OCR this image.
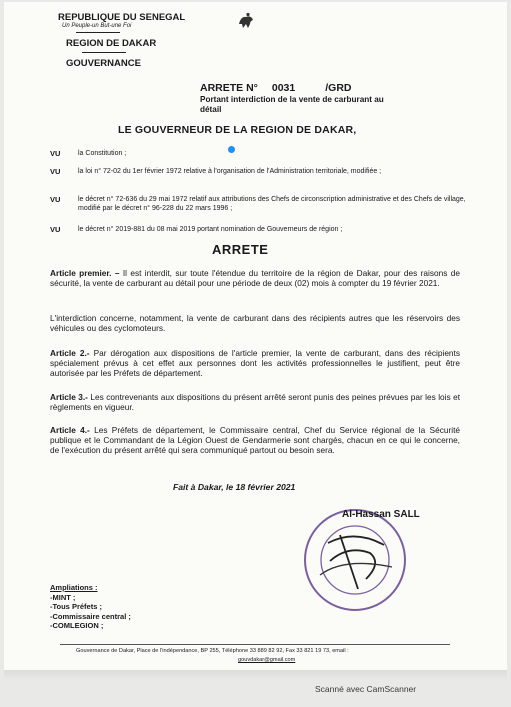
REPUBLIQUE DU SENEGAL
Un Peuple-un But-une Foi
REGION DE DAKAR
GOUVERNANCE
ARRETE N° 0031	/GRD
Portant interdiction de la vente de carburant au détail
LE GOUVERNEUR DE LA REGION DE DAKAR,
VU	la Constitution ;
VU	la loi n° 72-02 du 1er février 1972 relative à l'organisation de l'Administration territoriale, modifiée ;
VU	le décret n° 72-636 du 29 mai 1972 relatif aux attributions des Chefs de circonscription administrative et des Chefs de village, modifié par le décret n° 96-228 du 22 mars 1996 ;
VU	le décret n° 2019-881 du 08 mai 2019 portant nomination de Gouverneurs de région ;
ARRETE
Article premier. – Il est interdit, sur toute l'étendue du territoire de la région de Dakar, pour des raisons de sécurité, la vente de carburant au détail pour une période de deux (02) mois à compter du 19 février 2021.
L'interdiction concerne, notamment, la vente de carburant dans des récipients autres que les réservoirs des véhicules ou des cyclomoteurs.
Article 2.- Par dérogation aux dispositions de l'article premier, la vente de carburant, dans des récipients spécialement prévus à cet effet aux personnes dont les activités professionnelles le justifient, peut être autorisée par les Préfets de département.
Article 3.- Les contrevenants aux dispositions du présent arrêté seront punis des peines prévues par les lois et règlements en vigueur.
Article 4.- Les Préfets de département, le Commissaire central, Chef du Service régional de la Sécurité publique et le Commandant de la Légion Ouest de Gendarmerie sont chargés, chacun en ce qui le concerne, de l'exécution du présent arrêté qui sera communiqué partout ou besoin sera.
Fait à Dakar, le 18 février 2021
Al-Hassan SALL
Ampliations :
-MINT ;
-Tous Préfets ;
-Commissaire central ;
-COMLEGION ;
Gouvernance de Dakar, Place de l'indépendance, BP 255, Téléphone 33 889 82 92, Fax 33 821 19 73, email :
gouvdakar@gmail.com
Scanné avec CamScanner
